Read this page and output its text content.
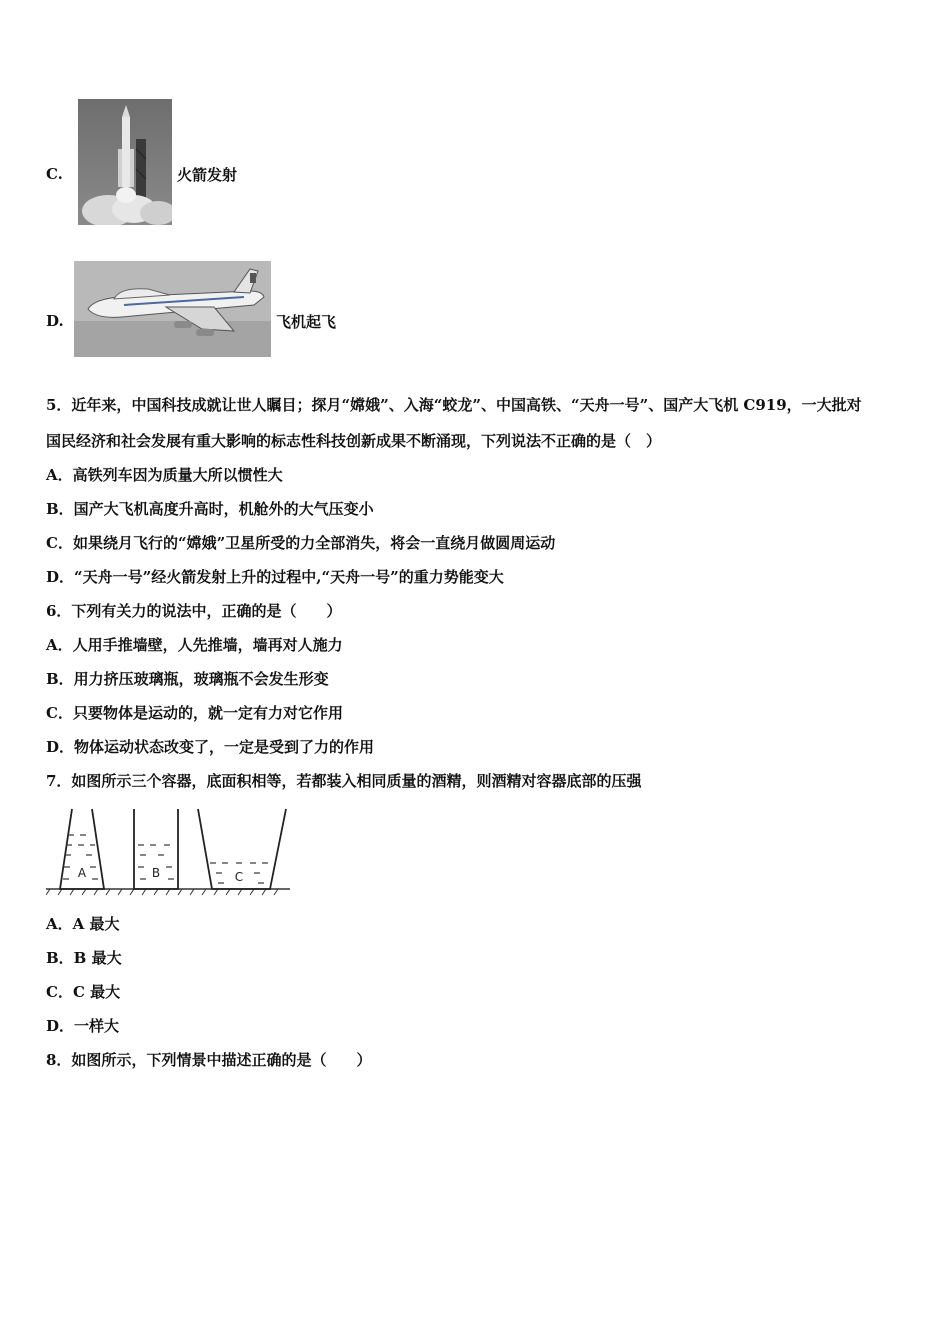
C.	火箭发射
D.	飞机起飞
5．近年来，中国科技成就让世人瞩目；探月“嫦娥”、入海“蛟龙”、中国高铁、“天舟一号”、国产大飞机 C919，一大批对
国民经济和社会发展有重大影响的标志性科技创新成果不断涌现，下列说法不正确的是（　）
A．高铁列车因为质量大所以惯性大
B．国产大飞机高度升高时，机舱外的大气压变小
C．如果绕月飞行的“嫦娥”卫星所受的力全部消失，将会一直绕月做圆周运动
D．“天舟一号”经火箭发射上升的过程中,“天舟一号”的重力势能变大
6．下列有关力的说法中，正确的是（　　）
A．人用手推墙壁，人先推墙，墙再对人施力
B．用力挤压玻璃瓶，玻璃瓶不会发生形变
C．只要物体是运动的，就一定有力对它作用
D．物体运动状态改变了，一定是受到了力的作用
7．如图所示三个容器，底面积相等，若都装入相同质量的酒精，则酒精对容器底部的压强
A	B	C
A．A 最大
B．B 最大
C．C 最大
D．一样大
8．如图所示，下列情景中描述正确的是（　　）
